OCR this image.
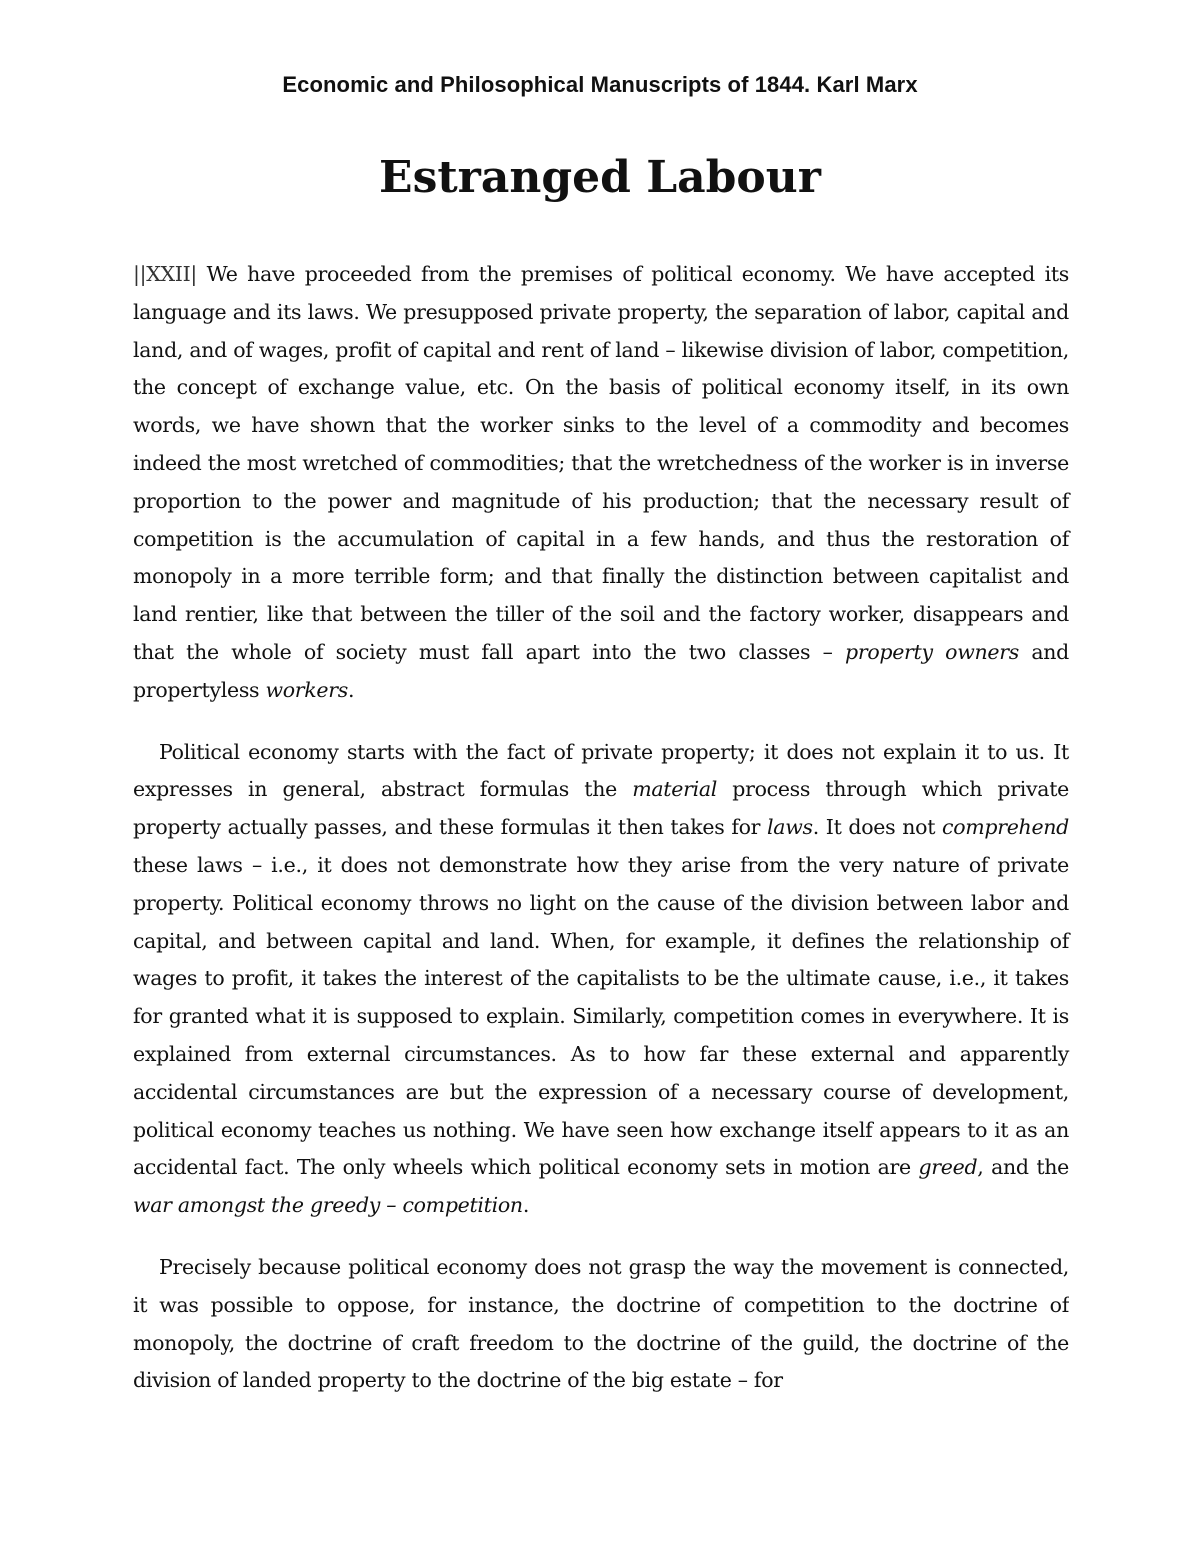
Economic and Philosophical Manuscripts of 1844. Karl Marx
Estranged Labour

||XXII| We have proceeded from the premises of political economy. We have accepted its language and its laws. We presupposed private property, the separation of labor, capital and land, and of wages, profit of capital and rent of land – likewise division of labor, competition, the concept of exchange value, etc. On the basis of political economy itself, in its own words, we have shown that the worker sinks to the level of a commodity and becomes indeed the most wretched of commodities; that the wretchedness of the worker is in inverse proportion to the power and magnitude of his production; that the necessary result of competition is the accumulation of capital in a few hands, and thus the restoration of monopoly in a more terrible form; and that finally the distinction between capitalist and land rentier, like that between the tiller of the soil and the factory worker, disappears and that the whole of society must fall apart into the two classes – property owners and propertyless workers.

Political economy starts with the fact of private property; it does not explain it to us. It expresses in general, abstract formulas the material process through which private property actually passes, and these formulas it then takes for laws. It does not comprehend these laws – i.e., it does not demonstrate how they arise from the very nature of private property. Political economy throws no light on the cause of the division between labor and capital, and between capital and land. When, for example, it defines the relationship of wages to profit, it takes the interest of the capitalists to be the ultimate cause, i.e., it takes for granted what it is supposed to explain. Similarly, competition comes in everywhere. It is explained from external circumstances. As to how far these external and apparently accidental circumstances are but the expression of a necessary course of development, political economy teaches us nothing. We have seen how exchange itself appears to it as an accidental fact. The only wheels which political economy sets in motion are greed, and the war amongst the greedy – competition.

Precisely because political economy does not grasp the way the movement is connected, it was possible to oppose, for instance, the doctrine of competition to the doctrine of monopoly, the doctrine of craft freedom to the doctrine of the guild, the doctrine of the division of landed property to the doctrine of the big estate – for
